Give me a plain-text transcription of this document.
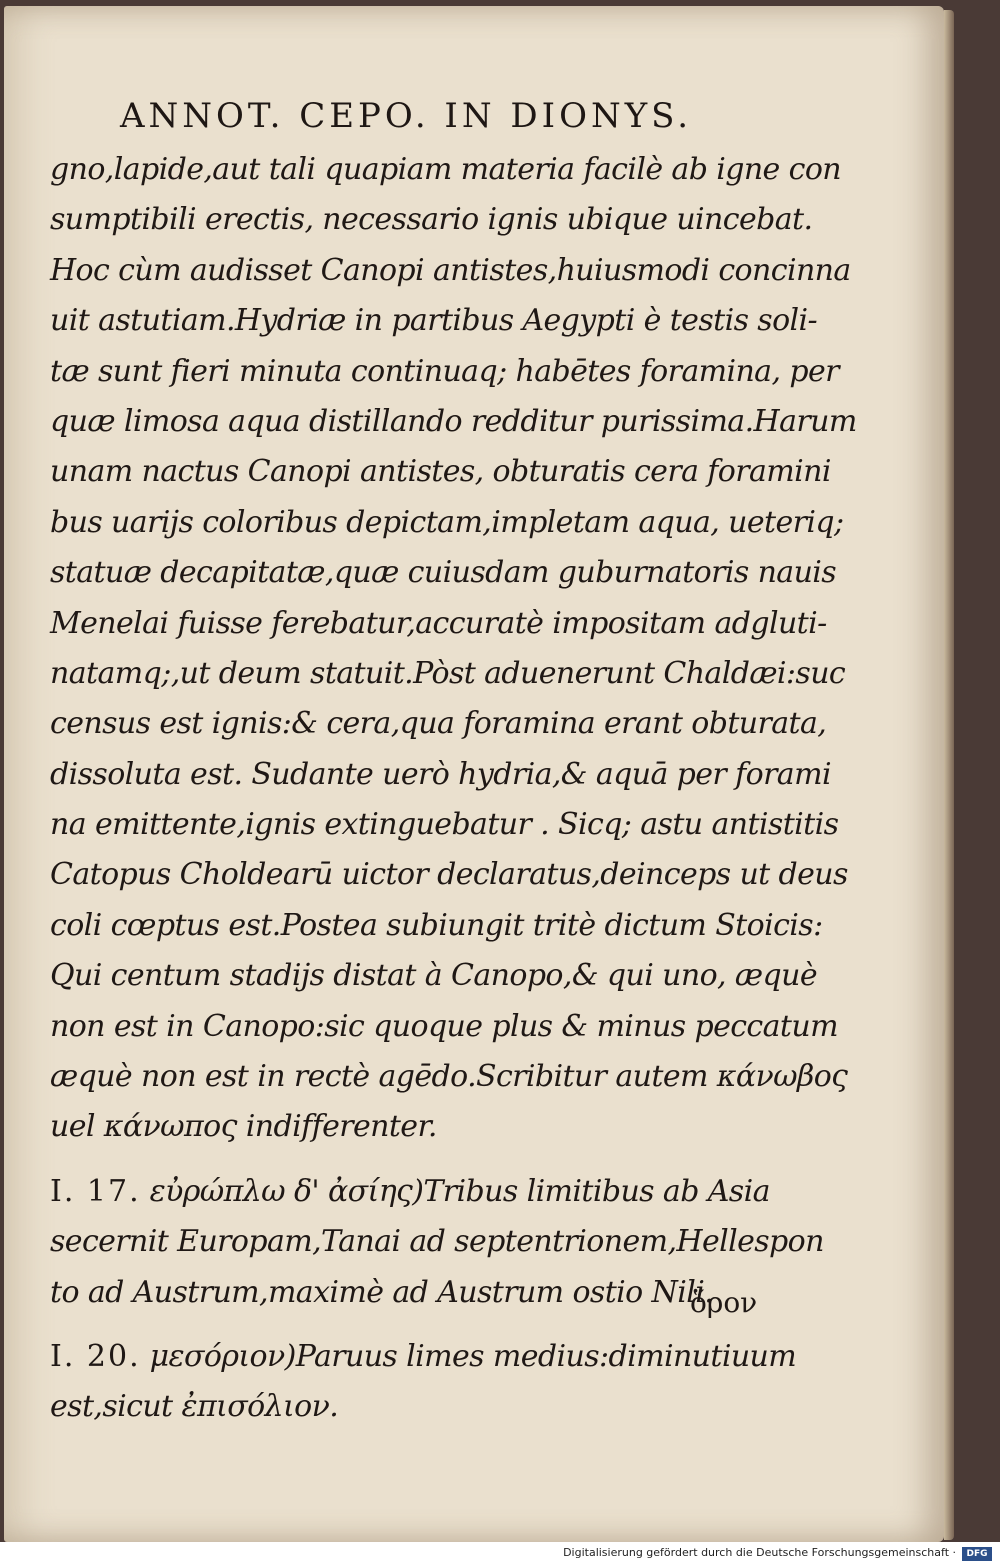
ANNOT. CEPO. IN DIONYS.
gno,lapide,aut tali quapiam materia facilè ab igne con
sumptibili erectis, necessario ignis ubique uincebat.
Hoc cùm audisset Canopi antistes,huiusmodi concinna
uit astutiam.Hydriæ in partibus Aegypti è testis soli-
tæ sunt fieri minuta continuaq; habētes foramina, per
quæ limosa aqua distillando redditur purissima.Harum
unam nactus Canopi antistes, obturatis cera foramini
bus uarijs coloribus depictam,impletam aqua, ueteriq;
statuæ decapitatæ,quæ cuiusdam guburnatoris nauis
Menelai fuisse ferebatur,accuratè impositam adgluti-
natamq;,ut deum statuit.Pòst aduenerunt Chaldæi:suc
census est ignis:& cera,qua foramina erant obturata,
dissoluta est. Sudante uerò hydria,& aquā per forami
na emittente,ignis extinguebatur . Sicq; astu antistitis
Catopus Choldearū uictor declaratus,deinceps ut deus
coli cœptus est.Postea subiungit tritè dictum Stoicis:
Qui centum stadijs distat à Canopo,& qui uno, æquè
non est in Canopo:sic quoque plus & minus peccatum
æquè non est in rectè agēdo.Scribitur autem κάνωβος
uel κάνωπος indifferenter.
I. 17. εὐρώπλω δ' ἀσίης)Tribus limitibus ab Asia
secernit Europam,Tanai ad septentrionem,Hellespon
to ad Austrum,maximè ad Austrum ostio Nili.
I. 20. μεσόριον)Paruus limes medius:diminutiuum
est,sicut ἐπισόλιον.
ὅρον
Digitalisierung gefördert durch die Deutsche Forschungsgemeinschaft ·	DFG
